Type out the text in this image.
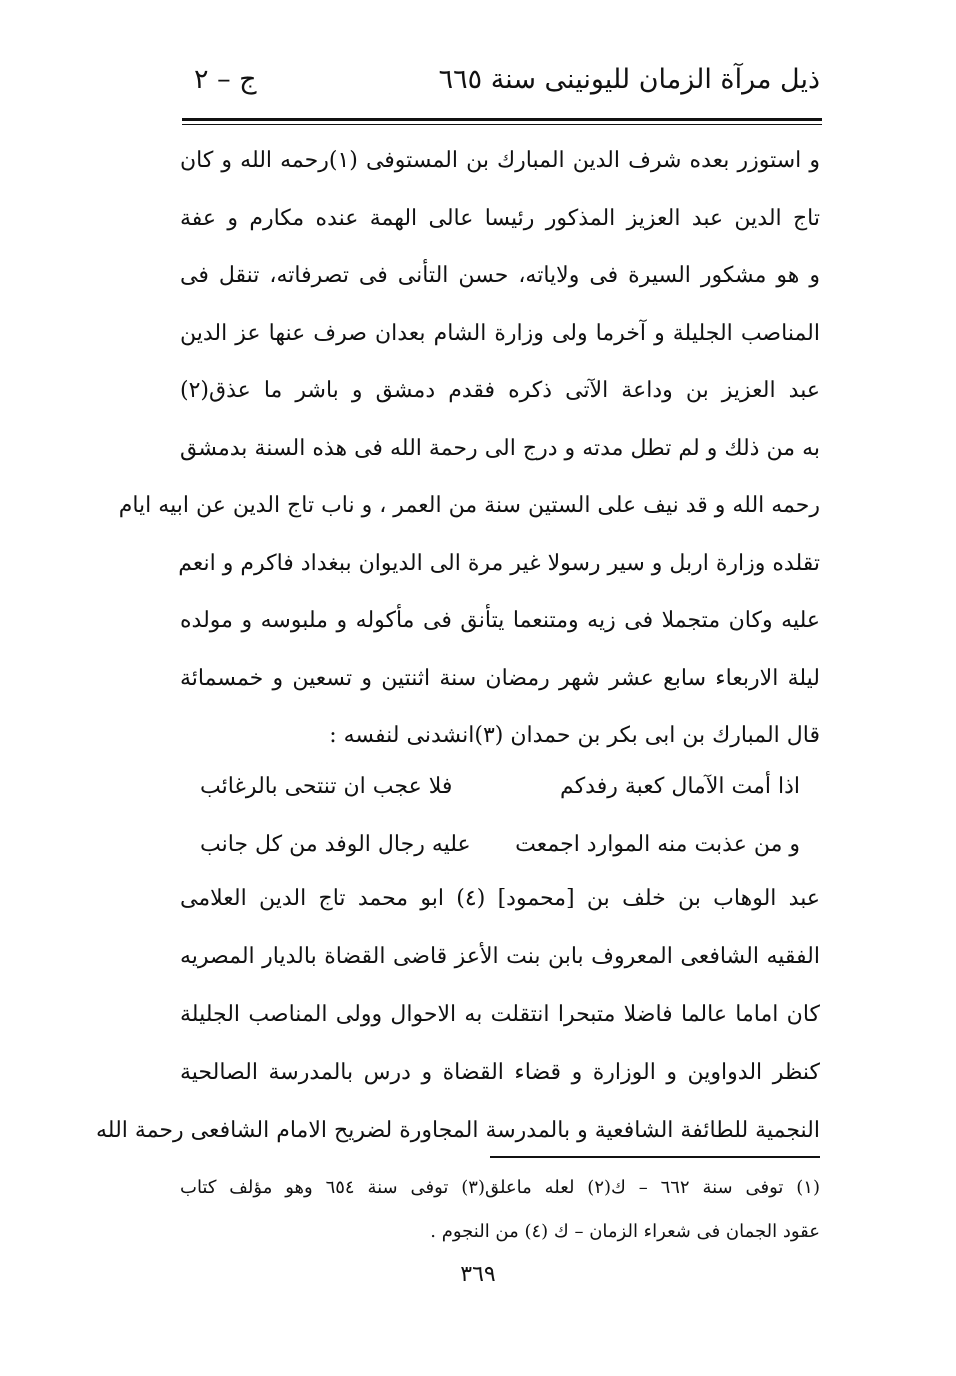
ذيل مرآة الزمان لليونينى سنة ٦٦٥
ج – ٢
و استوزر بعده شرف الدين المبارك بن المستوفى (١)رحمه الله و كان
تاج الدين عبد العزيز المذكور رئيسا عالى الهمة عنده مكارم و عفة
و هو مشكور السيرة فى ولاياته، حسن التأنى فى تصرفاته، تنقل فى
المناصب الجليلة و آخرما ولى وزارة الشام بعدان صرف عنها عز الدين
عبد العزيز بن وداعة الآتى ذكره فقدم دمشق و باشر ما عذق(٢)
به من ذلك و لم تطل مدته و درج الى رحمة الله فى هذه السنة بدمشق
رحمه الله و قد نيف على الستين سنة من العمر ، و ناب تاج الدين عن ابيه ايام
تقلده وزارة اربل و سير رسولا غير مرة الى الديوان ببغداد فاكرم و انعم
عليه وكان متجملا فى زيه ومتنعما يتأنق فى مأكوله و ملبوسه و مولده
ليلة الاربعاء سابع عشر شهر رمضان سنة اثنتين و تسعين و خمسمائة
قال المبارك بن ابى بكر بن حمدان (٣)انشدنى لنفسه :
اذا أمت الآمال كعبة رفدكم
فلا عجب ان تنتحى بالرغائب
و من عذبت منه الموارد اجمعت
عليه رجال الوفد من كل جانب
عبد الوهاب بن خلف بن [محمود] (٤) ابو محمد تاج الدين العلامى
الفقيه الشافعى المعروف بابن بنت الأعز قاضى القضاة بالديار المصريه
كان اماما عالما فاضلا متبحرا انتقلت به الاحوال وولى المناصب الجليلة
كنظر الدواوين و الوزارة و قضاء القضاة و درس بالمدرسة الصالحية
النجمية للطائفة الشافعية و بالمدرسة المجاورة لضريح الامام الشافعى رحمة الله
(١) توفى سنة ٦٦٢ – ك(٢) لعله ماعلق(٣) توفى سنة ٦٥٤ وهو مؤلف كتاب
عقود الجمان فى شعراء الزمان – ك (٤) من النجوم .
٣٦٩
